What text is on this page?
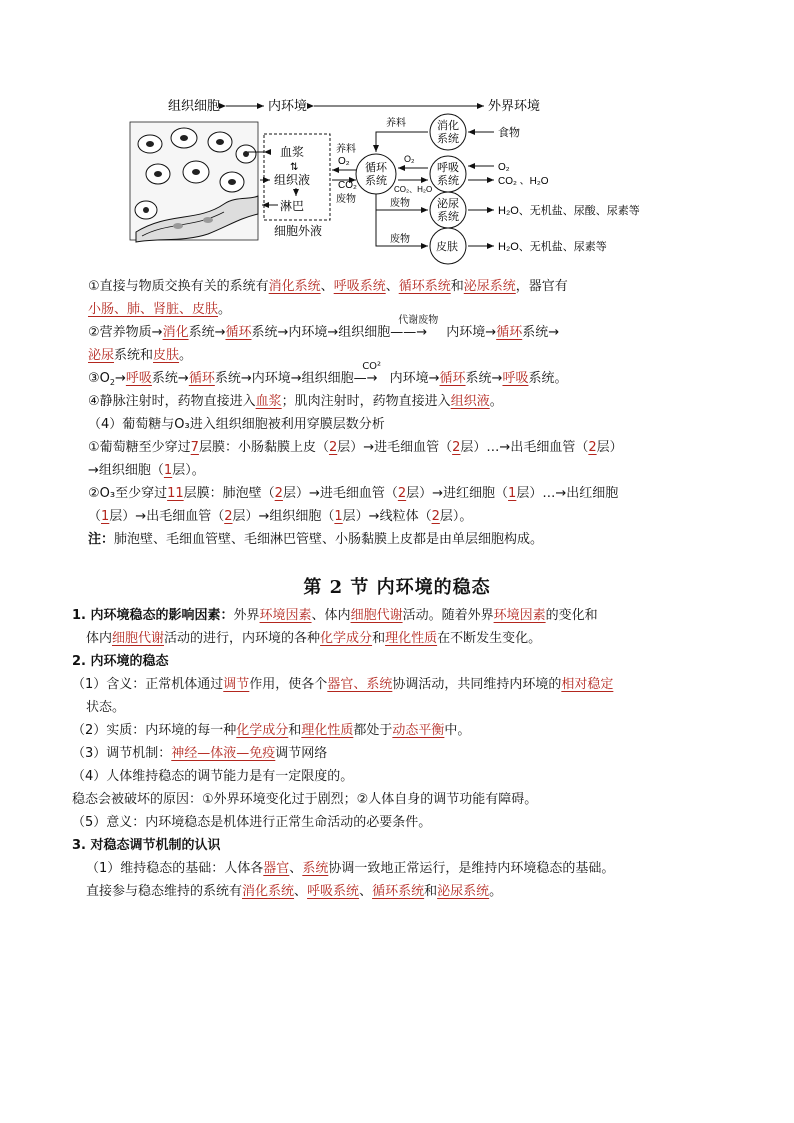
组织细胞	内环境	外界环境
血浆
⇅
组织液
淋巴
细胞外液
养料
O₂
CO₂
废物
循环
系统
消化
系统
养料
食物
呼吸
系统
O₂
CO₂、H₂O
O₂
CO₂ 、H₂O
泌尿
系统
废物
H₂O、无机盐、尿酸、尿素等
皮肤
废物
H₂O、无机盐、尿素等
①直接与物质交换有关的系统有消化系统、呼吸系统、循环系统和泌尿系统，器官有
小肠、肺、肾脏、皮肤。
②营养物质→消化系统→循环系统→内环境→组织细胞
代谢废物
——→ 内环境→循环系统→
泌尿系统和皮肤。
$③O_2\to$呼吸系统→循环系统→内环境→组织细胞
CO²
—→ 内环境→循环系统→呼吸系统。
④静脉注射时，药物直接进入血浆；肌肉注射时，药物直接进入组织液。
（4）葡萄糖与O₃进入组织细胞被利用穿膜层数分析
①葡萄糖至少穿过7层膜：小肠黏膜上皮（2层）→进毛细血管（2层）…→出毛细血管（2层）
→组织细胞（1层）。
②O₃至少穿过11层膜：肺泡壁（2层）→进毛细血管（2层）→进红细胞（1层）…→出红细胞
（1层）→出毛细血管（2层）→组织细胞（1层）→线粒体（2层）。
注：肺泡壁、毛细血管壁、毛细淋巴管壁、小肠黏膜上皮都是由单层细胞构成。
第 2 节 内环境的稳态
1. 内环境稳态的影响因素：外界环境因素、体内细胞代谢活动。随着外界环境因素的变化和
体内细胞代谢活动的进行，内环境的各种化学成分和理化性质在不断发生变化。
2. 内环境的稳态
（1）含义：正常机体通过调节作用，使各个器官、系统协调活动，共同维持内环境的相对稳定
状态。
（2）实质：内环境的每一种化学成分和理化性质都处于动态平衡中。
（3）调节机制：神经—体液—免疫调节网络
（4）人体维持稳态的调节能力是有一定限度的。
稳态会被破坏的原因：①外界环境变化过于剧烈；②人体自身的调节功能有障碍。
（5）意义：内环境稳态是机体进行正常生命活动的必要条件。
3. 对稳态调节机制的认识
（1）维持稳态的基础：人体各器官、系统协调一致地正常运行，是维持内环境稳态的基础。
直接参与稳态维持的系统有消化系统、呼吸系统、循环系统和泌尿系统。
